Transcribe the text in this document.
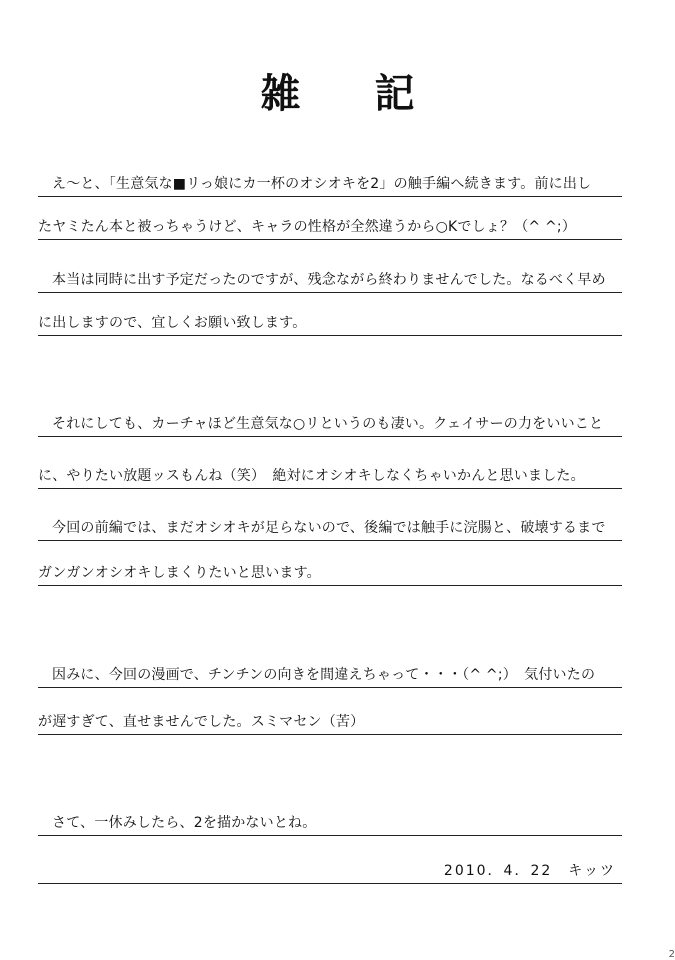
雑 記
え～と、「生意気な■リっ娘にカ一杯のオシオキを2」の触手編へ続きます。前に出し
たヤミたん本と被っちゃうけど、キャラの性格が全然違うから○Kでしょ？（^ ^;）
本当は同時に出す予定だったのですが、残念ながら終わりませんでした。なるべく早め
に出しますので、宜しくお願い致します。
それにしても、カーチャほど生意気な○リというのも凄い。クェイサーの力をいいこと
に、やりたい放題ッスもんね（笑）　絶対にオシオキしなくちゃいかんと思いました。
今回の前編では、まだオシオキが足らないので、後編では触手に浣腸と、破壊するまで
ガンガンオシオキしまくりたいと思います。
因みに、今回の漫画で、チンチンの向きを間違えちゃって・・・（^ ^;）　気付いたの
が遅すぎて、直せませんでした。スミマセン（苦）
さて、一休みしたら、2を描かないとね。
2010．4．22　キッツ
2
